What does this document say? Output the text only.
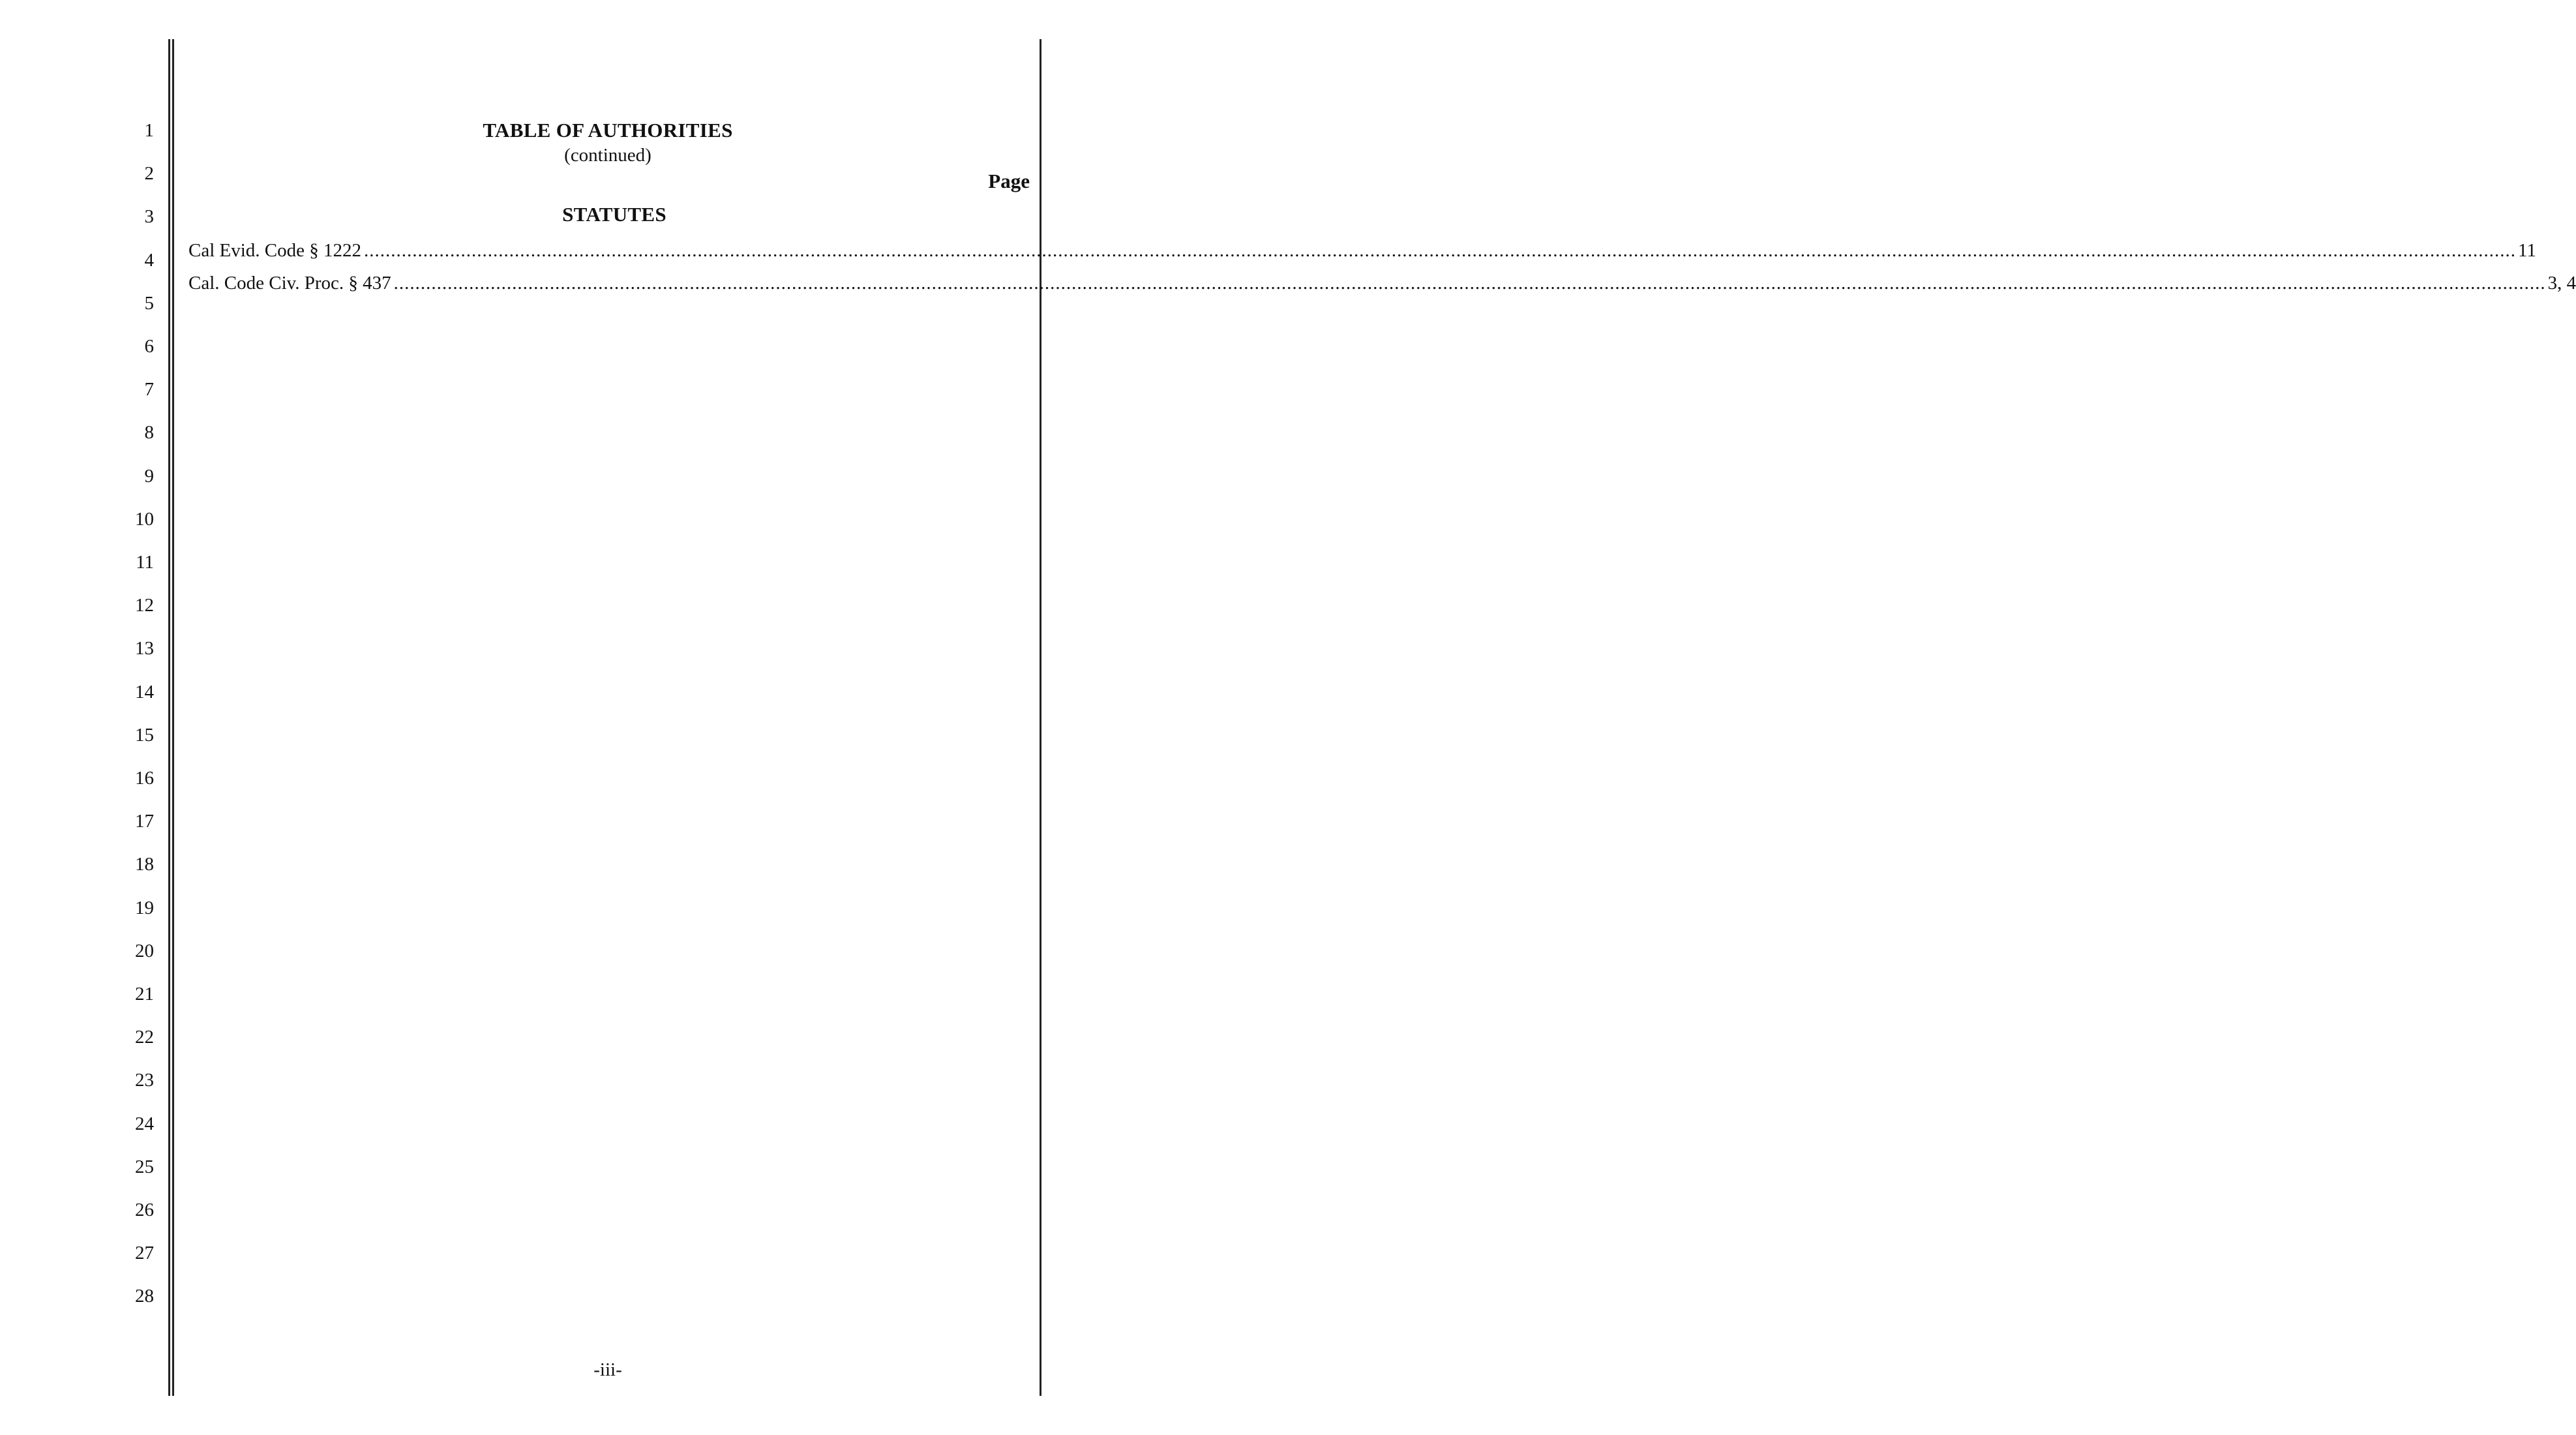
1
2
3
4
5
6
7
8
9
10
11
12
13
14
15
16
17
18
19
20
21
22
23
24
25
26
27
28
TABLE OF AUTHORITIES
(continued)
Page
STATUTES
Cal Evid. Code § 1222 ................................................................................................................................................................................................................................................................................................................................................................................................................ 11
Cal. Code Civ. Proc. § 437 ................................................................................................................................................................................................................................................................................................................................................................................................................ 3, 4
-iii-
